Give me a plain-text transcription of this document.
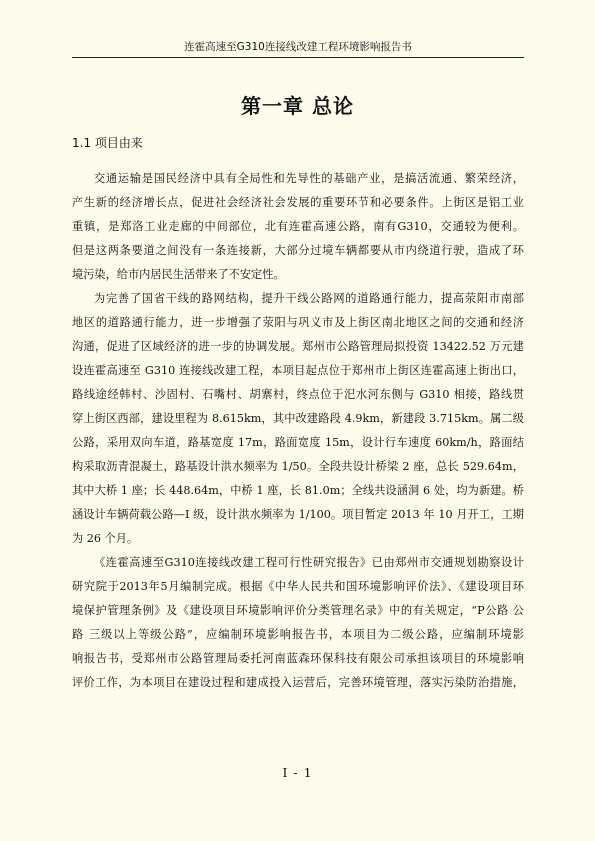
连霍高速至G310连接线改建工程环境影响报告书
第一章 总论
1.1 项目由来
交通运输是国民经济中具有全局性和先导性的基础产业，是搞活流通、繁荣经济，
产生新的经济增长点，促进社会经济社会发展的重要环节和必要条件。上街区是铝工业
重镇，是郑洛工业走廊的中间部位，北有连霍高速公路，南有G310，交通较为便利。
但是这两条要道之间没有一条连接新，大部分过境车辆都要从市内绕道行驶，造成了环
境污染，给市内居民生活带来了不安定性。
为完善了国省干线的路网结构，提升干线公路网的道路通行能力，提高荥阳市南部
地区的道路通行能力，进一步增强了荥阳与巩义市及上街区南北地区之间的交通和经济
沟通，促进了区域经济的进一步的协调发展。郑州市公路管理局拟投资 13422.52 万元建
设连霍高速至 G310 连接线改建工程，本项目起点位于郑州市上街区连霍高速上街出口，
路线途经韩村、沙固村、石嘴村、胡寨村，终点位于汜水河东侧与 G310 相接，路线贯
穿上街区西部，建设里程为 8.615km，其中改建路段 4.9km，新建段 3.715km。属二级
公路，采用双向车道，路基宽度 17m，路面宽度 15m，设计行车速度 60km/h，路面结
构采取沥青混凝土，路基设计洪水频率为 1/50。全段共设计桥梁 2 座，总长 529.64m，
其中大桥 1 座；长 448.64m，中桥 1 座，长 81.0m；全线共设涵洞 6 处，均为新建。桥
涵设计车辆荷载公路—I 级，设计洪水频率为 1/100。项目暂定 2013 年 10 月开工，工期
为 26 个月。
《连霍高速至G310连接线改建工程可行性研究报告》已由郑州市交通规划勘察设计
研究院于2013年5月编制完成。根据《中华人民共和国环境影响评价法》、《建设项目环
境保护管理条例》及《建设项目环境影响评价分类管理名录》中的有关规定，“P公路 公
路 三级以上等级公路”，应编制环境影响报告书，本项目为二级公路，应编制环境影
响报告书，受郑州市公路管理局委托河南蓝森环保科技有限公司承担该项目的环境影响
评价工作，为本项目在建设过程和建成投入运营后，完善环境管理，落实污染防治措施，
I - 1
